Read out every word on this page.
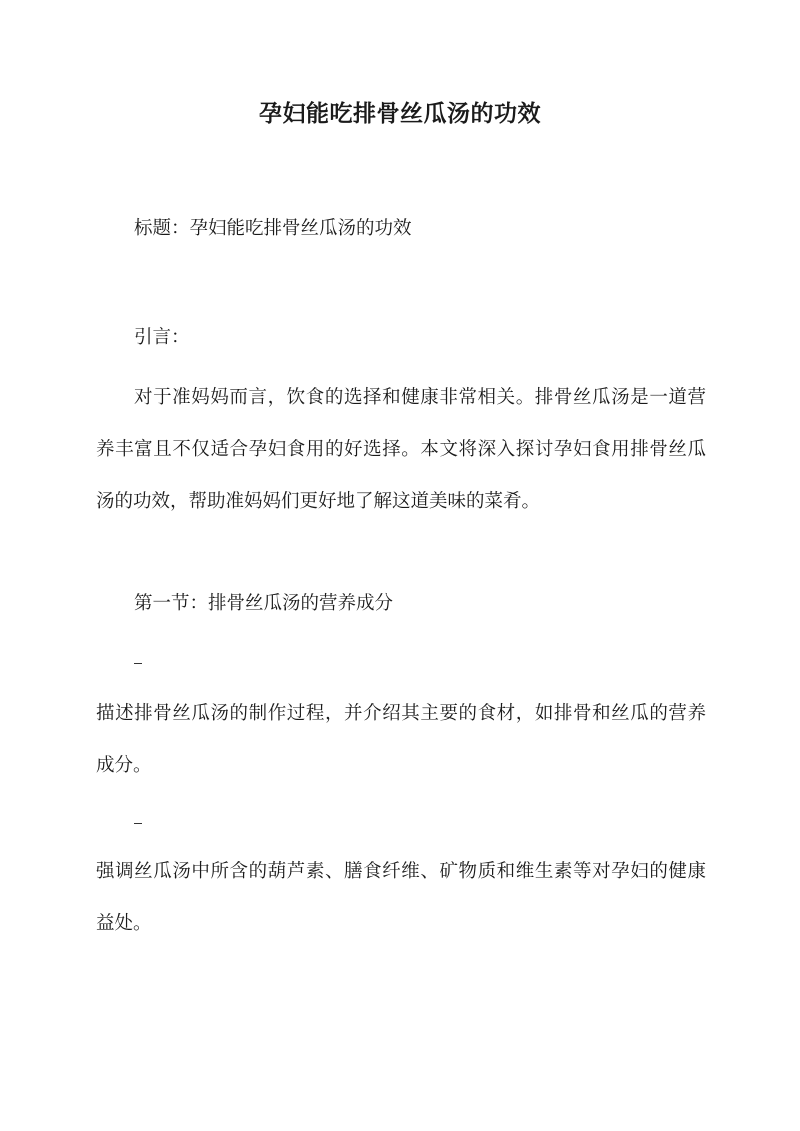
孕妇能吃排骨丝瓜汤的功效
标题：孕妇能吃排骨丝瓜汤的功效
引言：
对于准妈妈而言，饮食的选择和健康非常相关。排骨丝瓜汤是一道营养丰富且不仅适合孕妇食用的好选择。本文将深入探讨孕妇食用排骨丝瓜汤的功效，帮助准妈妈们更好地了解这道美味的菜肴。
第一节：排骨丝瓜汤的营养成分
描述排骨丝瓜汤的制作过程，并介绍其主要的食材，如排骨和丝瓜的营养成分。
强调丝瓜汤中所含的葫芦素、膳食纤维、矿物质和维生素等对孕妇的健康益处。
